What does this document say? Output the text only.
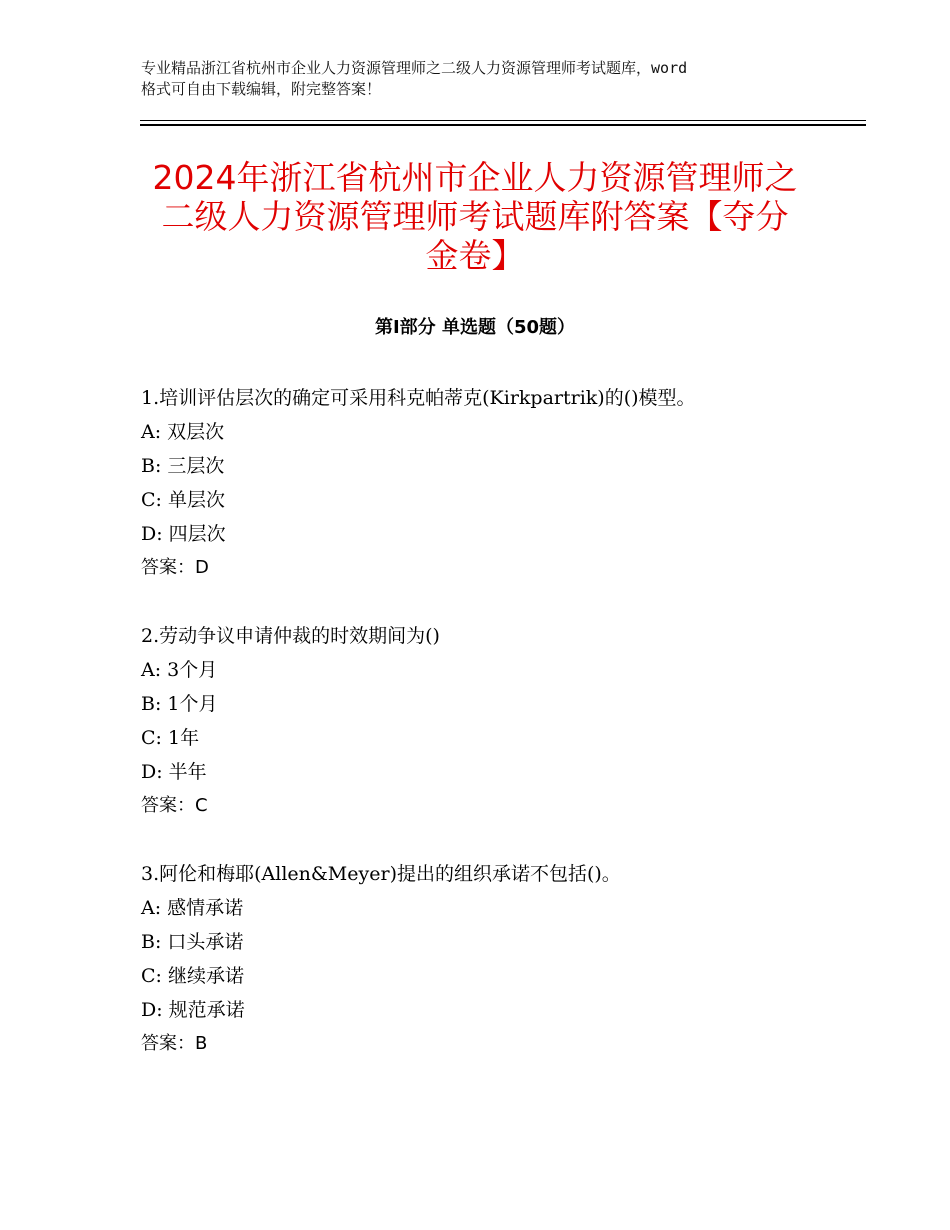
专业精品浙江省杭州市企业人力资源管理师之二级人力资源管理师考试题库，word
格式可自由下载编辑，附完整答案！
2024年浙江省杭州市企业人力资源管理师之
二级人力资源管理师考试题库附答案【夺分
金卷】
第Ⅰ部分 单选题（50题）
1.培训评估层次的确定可采用科克帕蒂克(Kirkpartrik)的()模型。
A: 双层次
B: 三层次
C: 单层次
D: 四层次
答案：D
2.劳动争议申请仲裁的时效期间为()
A: 3个月
B: 1个月
C: 1年
D: 半年
答案：C
3.阿伦和梅耶(Allen&Meyer)提出的组织承诺不包括()。
A: 感情承诺
B: 口头承诺
C: 继续承诺
D: 规范承诺
答案：B
